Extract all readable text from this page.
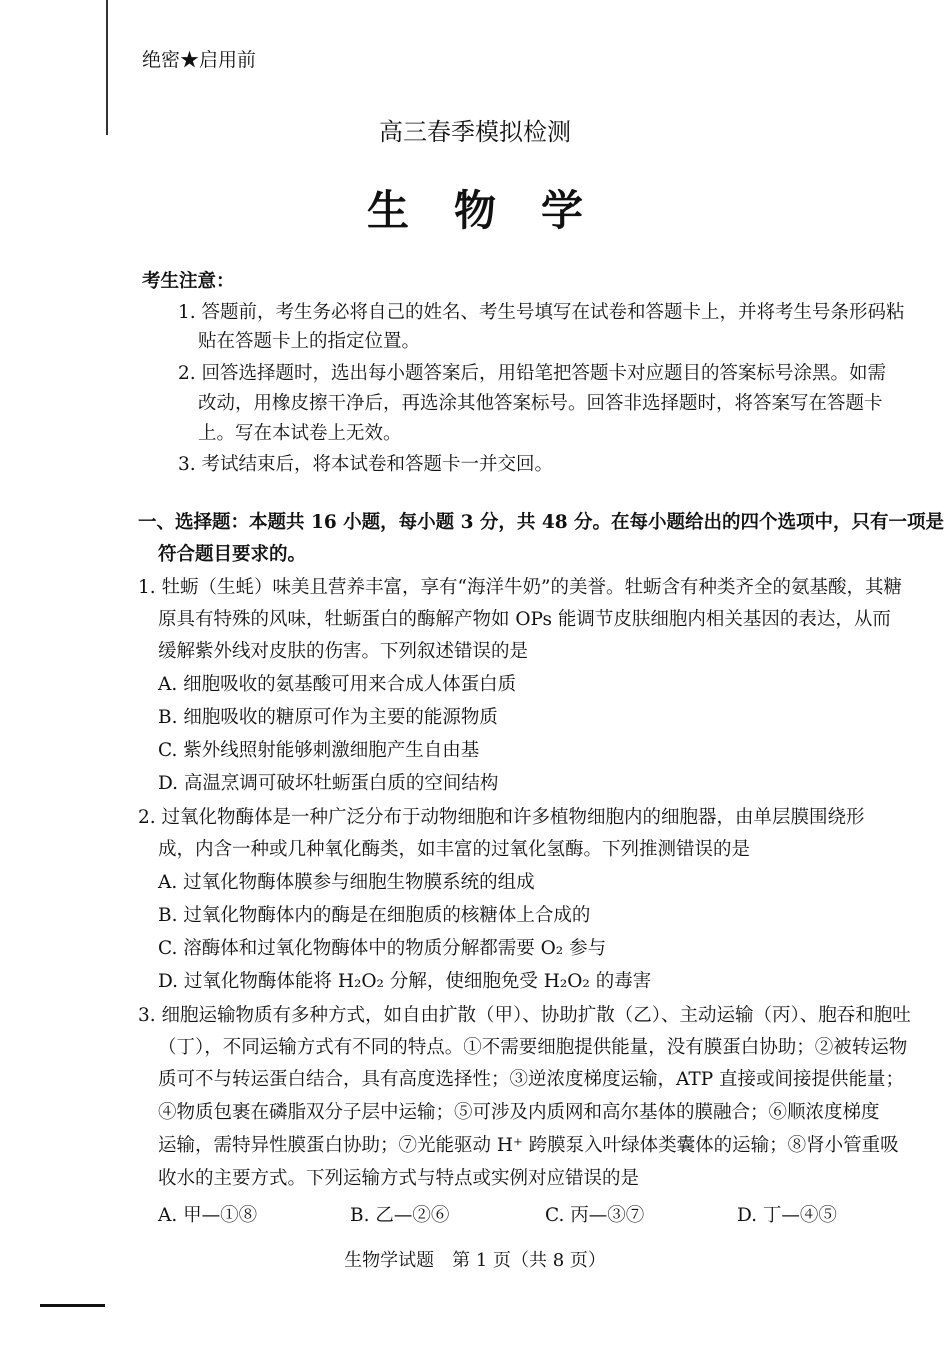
绝密★启用前
高三春季模拟检测
生物学
考生注意：
1. 答题前，考生务必将自己的姓名、考生号填写在试卷和答题卡上，并将考生号条形码粘
贴在答题卡上的指定位置。
2. 回答选择题时，选出每小题答案后，用铅笔把答题卡对应题目的答案标号涂黑。如需
改动，用橡皮擦干净后，再选涂其他答案标号。回答非选择题时，将答案写在答题卡
上。写在本试卷上无效。
3. 考试结束后，将本试卷和答题卡一并交回。
一、选择题：本题共 16 小题，每小题 3 分，共 48 分。在每小题给出的四个选项中，只有一项是
符合题目要求的。
1. 牡蛎（生蚝）味美且营养丰富，享有“海洋牛奶”的美誉。牡蛎含有种类齐全的氨基酸，其糖
原具有特殊的风味，牡蛎蛋白的酶解产物如 OPs 能调节皮肤细胞内相关基因的表达，从而
缓解紫外线对皮肤的伤害。下列叙述错误的是
A. 细胞吸收的氨基酸可用来合成人体蛋白质
B. 细胞吸收的糖原可作为主要的能源物质
C. 紫外线照射能够刺激细胞产生自由基
D. 高温烹调可破坏牡蛎蛋白质的空间结构
2. 过氧化物酶体是一种广泛分布于动物细胞和许多植物细胞内的细胞器，由单层膜围绕形
成，内含一种或几种氧化酶类，如丰富的过氧化氢酶。下列推测错误的是
A. 过氧化物酶体膜参与细胞生物膜系统的组成
B. 过氧化物酶体内的酶是在细胞质的核糖体上合成的
C. 溶酶体和过氧化物酶体中的物质分解都需要 O₂ 参与
D. 过氧化物酶体能将 H₂O₂ 分解，使细胞免受 H₂O₂ 的毒害
3. 细胞运输物质有多种方式，如自由扩散（甲）、协助扩散（乙）、主动运输（丙）、胞吞和胞吐
（丁），不同运输方式有不同的特点。①不需要细胞提供能量，没有膜蛋白协助；②被转运物
质可不与转运蛋白结合，具有高度选择性；③逆浓度梯度运输，ATP 直接或间接提供能量；
④物质包裹在磷脂双分子层中运输；⑤可涉及内质网和高尔基体的膜融合；⑥顺浓度梯度
运输，需特异性膜蛋白协助；⑦光能驱动 H⁺ 跨膜泵入叶绿体类囊体的运输；⑧肾小管重吸
收水的主要方式。下列运输方式与特点或实例对应错误的是
A. 甲—①⑧	B. 乙—②⑥	C. 丙—③⑦	D. 丁—④⑤
生物学试题　第 1 页（共 8 页）
